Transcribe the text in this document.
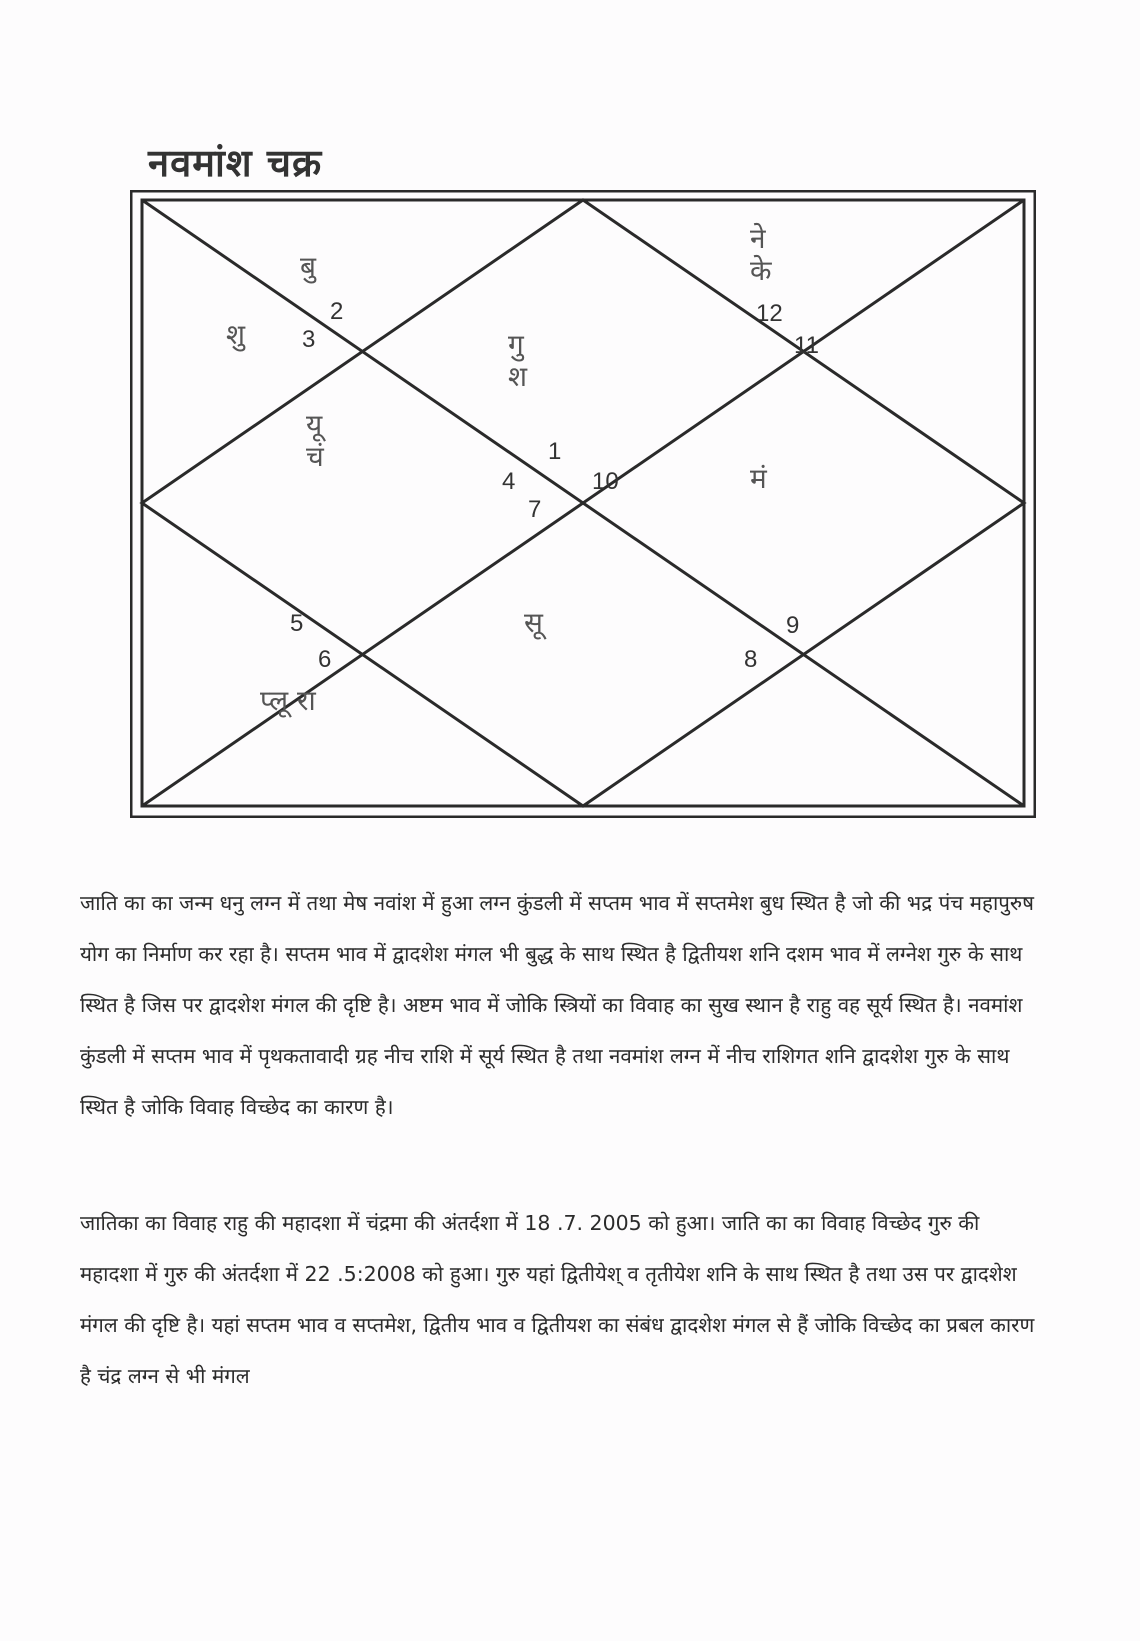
नवमांश चक्र
1
2
3
4
5
6
7
8
9
10
11
12
बु
शु	गु
श
यू
चं
ने
के
मं
सू
प्लू रा

जाति का का जन्म धनु लग्न में तथा मेष नवांश में हुआ लग्न कुंडली में सप्तम भाव में सप्तमेश बुध स्थित है जो की भद्र पंच महापुरुष योग का निर्माण कर रहा है। सप्तम भाव में द्वादशेश मंगल भी बुद्ध के साथ स्थित है द्वितीयश शनि दशम भाव में लग्नेश गुरु के साथ स्थित है जिस पर द्वादशेश मंगल की दृष्टि है। अष्टम भाव में जोकि स्त्रियों का विवाह का सुख स्थान है राहु वह सूर्य स्थित है। नवमांश कुंडली में सप्तम भाव में पृथकतावादी ग्रह नीच राशि में सूर्य स्थित है तथा नवमांश लग्न में नीच राशिगत शनि द्वादशेश गुरु के साथ स्थित है जोकि विवाह विच्छेद का कारण है।

जातिका का विवाह राहु की महादशा में चंद्रमा की अंतर्दशा में 18 .7. 2005 को हुआ। जाति का का विवाह विच्छेद गुरु की महादशा में गुरु की अंतर्दशा में 22 .5:2008 को हुआ। गुरु यहां द्वितीयेश् व तृतीयेश शनि के साथ स्थित है तथा उस पर द्वादशेश मंगल की दृष्टि है। यहां सप्तम भाव व सप्तमेश, द्वितीय भाव व द्वितीयश का संबंध द्वादशेश मंगल से हैं जोकि विच्छेद का प्रबल कारण है चंद्र लग्न से भी मंगल
